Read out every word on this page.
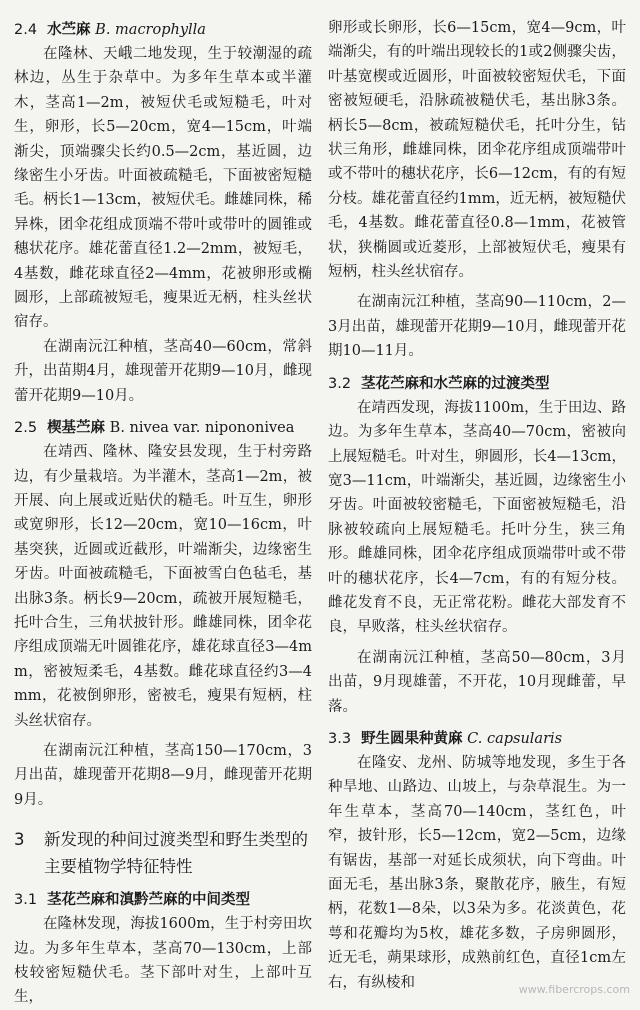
2.4 水苎麻 B. macrophylla

在隆林、天峨二地发现，生于较潮湿的疏林边，丛生于杂草中。为多年生草本或半灌木，茎高1—2m，被短伏毛或短糙毛，叶对生，卵形，长5—20cm，宽4—15cm，叶端渐尖，顶端骤尖长约0.5—2cm，基近圆，边缘密生小牙齿。叶面被疏糙毛，下面被密短糙毛。柄长1—13cm，被短伏毛。雌雄同株，稀异株，团伞花组成顶端不带叶或带叶的圆锥或穗状花序。雄花蕾直径1.2—2mm，被短毛，4基数，雌花球直径2—4mm，花被卵形或椭圆形，上部疏被短毛，瘦果近无柄，柱头丝状宿存。

在湖南沅江种植，茎高40—60cm，常斜升，出苗期4月，雄现蕾开花期9—10月，雌现蕾开花期9—10月。

2.5 楔基苎麻 B. nivea var. nipononivea

在靖西、隆林、隆安县发现，生于村旁路边，有少量栽培。为半灌木，茎高1—2m，被开展、向上展或近贴伏的糙毛。叶互生，卵形或宽卵形，长12—20cm，宽10—16cm，叶基突狭，近圆或近截形，叶端渐尖，边缘密生牙齿。叶面被疏糙毛，下面被雪白色毡毛，基出脉3条。柄长9—20cm，疏被开展短糙毛，托叶合生，三角状披针形。雌雄同株，团伞花序组成顶端无叶圆锥花序，雄花球直径3—4mm，密被短柔毛，4基数。雌花球直径约3—4mm，花被倒卵形，密被毛，瘦果有短柄，柱头丝状宿存。

在湖南沅江种植，茎高150—170cm，3月出苗，雄现蕾开花期8—9月，雌现蕾开花期9月。

3	新发现的种间过渡类型和野生类型的主要植物学特征特性
3.1 茎花苎麻和滇黔苎麻的中间类型

在隆林发现，海拔1600m，生于村旁田坎边。为多年生草本，茎高70—130cm，上部枝较密短糙伏毛。茎下部叶对生，上部叶互生，

卵形或长卵形，长6—15cm，宽4—9cm，叶端渐尖，有的叶端出现较长的1或2侧骤尖齿，叶基宽楔或近圆形，叶面被较密短伏毛，下面密被短硬毛，沿脉疏被糙伏毛，基出脉3条。柄长5—8cm，被疏短糙伏毛，托叶分生，钻状三角形，雌雄同株，团伞花序组成顶端带叶或不带叶的穗状花序，长6—12cm，有的有短分枝。雄花蕾直径约1mm，近无柄，被短糙伏毛，4基数。雌花蕾直径0.8—1mm，花被管状，狭椭圆或近菱形，上部被短伏毛，瘦果有短柄，柱头丝状宿存。

在湖南沅江种植，茎高90—110cm，2—3月出苗，雄现蕾开花期9—10月，雌现蕾开花期10—11月。

3.2 茎花苎麻和水苎麻的过渡类型

在靖西发现，海拔1100m，生于田边、路边。为多年生草本，茎高40—70cm，密被向上展短糙毛。叶对生，卵圆形，长4—13cm，宽3—11cm，叶端渐尖，基近圆，边缘密生小牙齿。叶面被较密糙毛，下面密被短糙毛，沿脉被较疏向上展短糙毛。托叶分生，狭三角形。雌雄同株，团伞花序组成顶端带叶或不带叶的穗状花序，长4—7cm，有的有短分枝。雌花发育不良，无正常花粉。雌花大部发育不良，早败落，柱头丝状宿存。

在湖南沅江种植，茎高50—80cm，3月出苗，9月现雄蕾，不开花，10月现雌蕾，早落。

3.3 野生圆果种黄麻 C. capsularis

在隆安、龙州、防城等地发现，多生于各种旱地、山路边、山坡上，与杂草混生。为一年生草本，茎高70—140cm，茎红色，叶窄，披针形，长5—12cm，宽2—5cm，边缘有锯齿，基部一对延长成须状，向下弯曲。叶面无毛，基出脉3条，聚散花序，腋生，有短柄，花数1—8朵，以3朵为多。花淡黄色，花萼和花瓣均为5枚，雄花多数，子房卵圆形，近无毛，蒴果球形，成熟前红色，直径1cm左右，有纵棱和	www.fibercrops.com
